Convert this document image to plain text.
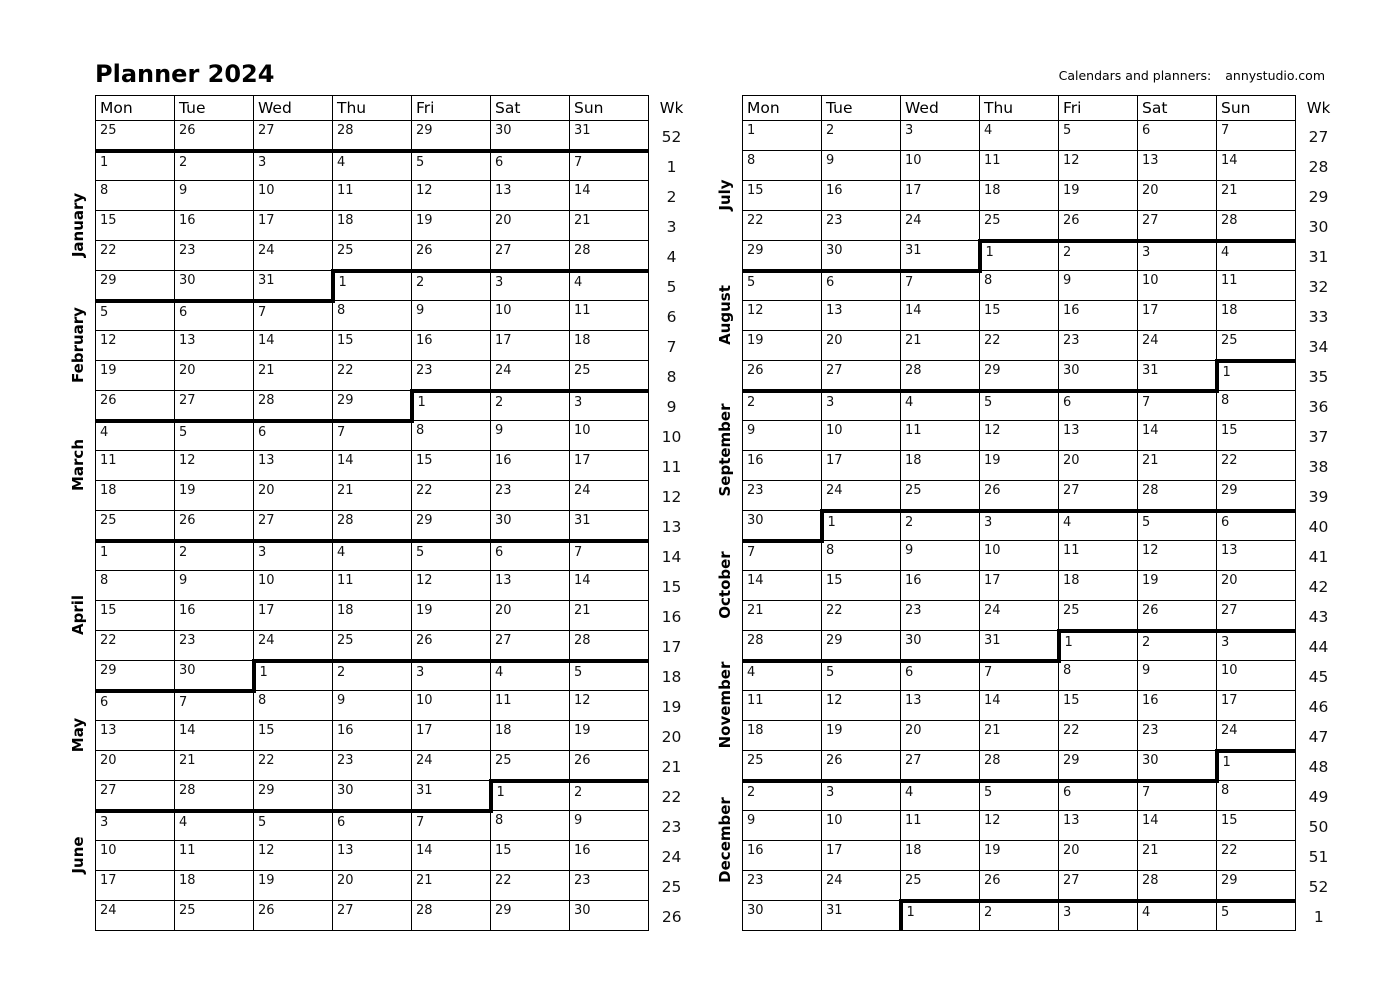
Planner 2024	Calendars and planners: annystudio.com
January
February
March
April
May
June
Mon	Tue	Wed	Thu	Fri	Sat	Sun	Wk
25	26	27	28	29	30	31	52
1	2	3	4	5	6	7	1
8	9	10	11	12	13	14	2
15	16	17	18	19	20	21	3
22	23	24	25	26	27	28	4
29	30	31	1	2	3	4	5
5	6	7	8	9	10	11	6
12	13	14	15	16	17	18	7
19	20	21	22	23	24	25	8
26	27	28	29	1	2	3	9
4	5	6	7	8	9	10	10
11	12	13	14	15	16	17	11
18	19	20	21	22	23	24	12
25	26	27	28	29	30	31	13
1	2	3	4	5	6	7	14
8	9	10	11	12	13	14	15
15	16	17	18	19	20	21	16
22	23	24	25	26	27	28	17
29	30	1	2	3	4	5	18
6	7	8	9	10	11	12	19
13	14	15	16	17	18	19	20
20	21	22	23	24	25	26	21
27	28	29	30	31	1	2	22
3	4	5	6	7	8	9	23
10	11	12	13	14	15	16	24
17	18	19	20	21	22	23	25
24	25	26	27	28	29	30	26
July
August
September
October
November
December
Mon	Tue	Wed	Thu	Fri	Sat	Sun	Wk
1	2	3	4	5	6	7	27
8	9	10	11	12	13	14	28
15	16	17	18	19	20	21	29
22	23	24	25	26	27	28	30
29	30	31	1	2	3	4	31
5	6	7	8	9	10	11	32
12	13	14	15	16	17	18	33
19	20	21	22	23	24	25	34
26	27	28	29	30	31	1	35
2	3	4	5	6	7	8	36
9	10	11	12	13	14	15	37
16	17	18	19	20	21	22	38
23	24	25	26	27	28	29	39
30	1	2	3	4	5	6	40
7	8	9	10	11	12	13	41
14	15	16	17	18	19	20	42
21	22	23	24	25	26	27	43
28	29	30	31	1	2	3	44
4	5	6	7	8	9	10	45
11	12	13	14	15	16	17	46
18	19	20	21	22	23	24	47
25	26	27	28	29	30	1	48
2	3	4	5	6	7	8	49
9	10	11	12	13	14	15	50
16	17	18	19	20	21	22	51
23	24	25	26	27	28	29	52
30	31	1	2	3	4	5	1
